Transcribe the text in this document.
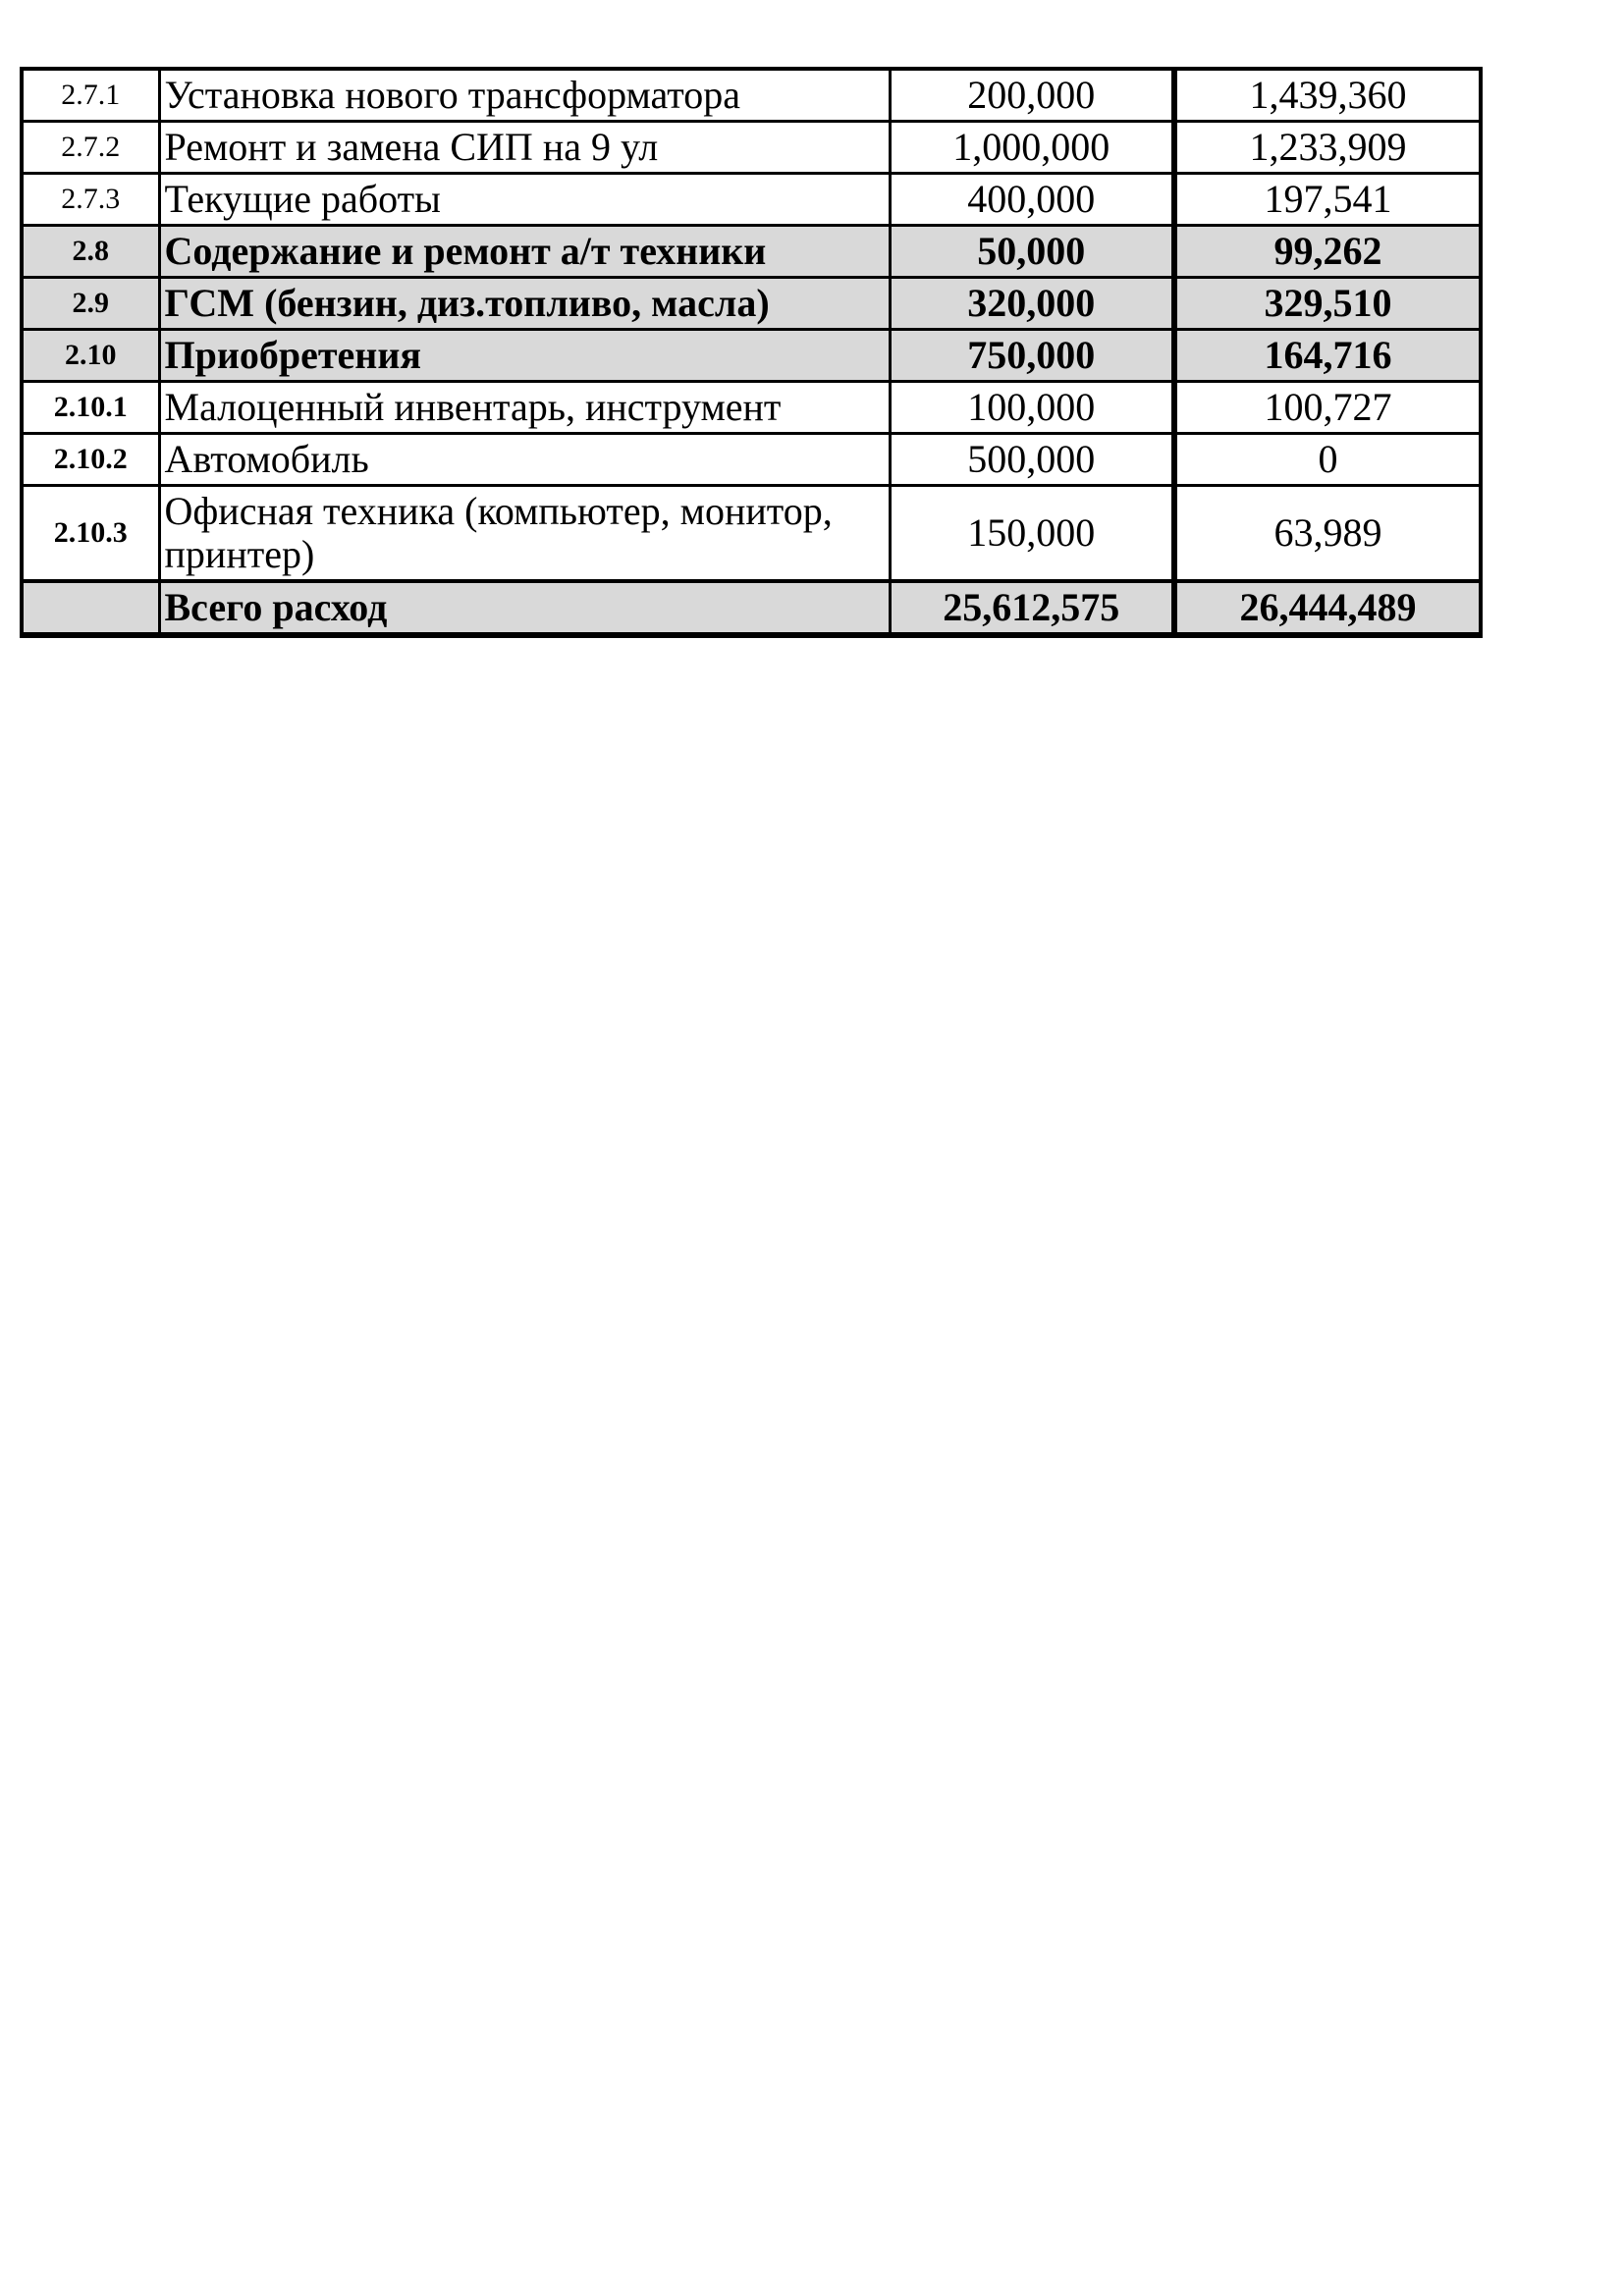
2.7.1	Установка нового трансформатора	200,000	1,439,360
2.7.2	Ремонт и замена СИП на 9 ул	1,000,000	1,233,909
2.7.3	Текущие работы	400,000	197,541
2.8	Содержание и ремонт а/т техники	50,000	99,262
2.9	ГСМ (бензин, диз.топливо, масла)	320,000	329,510
2.10	Приобретения	750,000	164,716
2.10.1	Малоценный инвентарь, инструмент	100,000	100,727
2.10.2	Автомобиль	500,000	0
2.10.3	Офисная техника (компьютер, монитор, принтер)	150,000	63,989
	Всего расход	25,612,575	26,444,489
